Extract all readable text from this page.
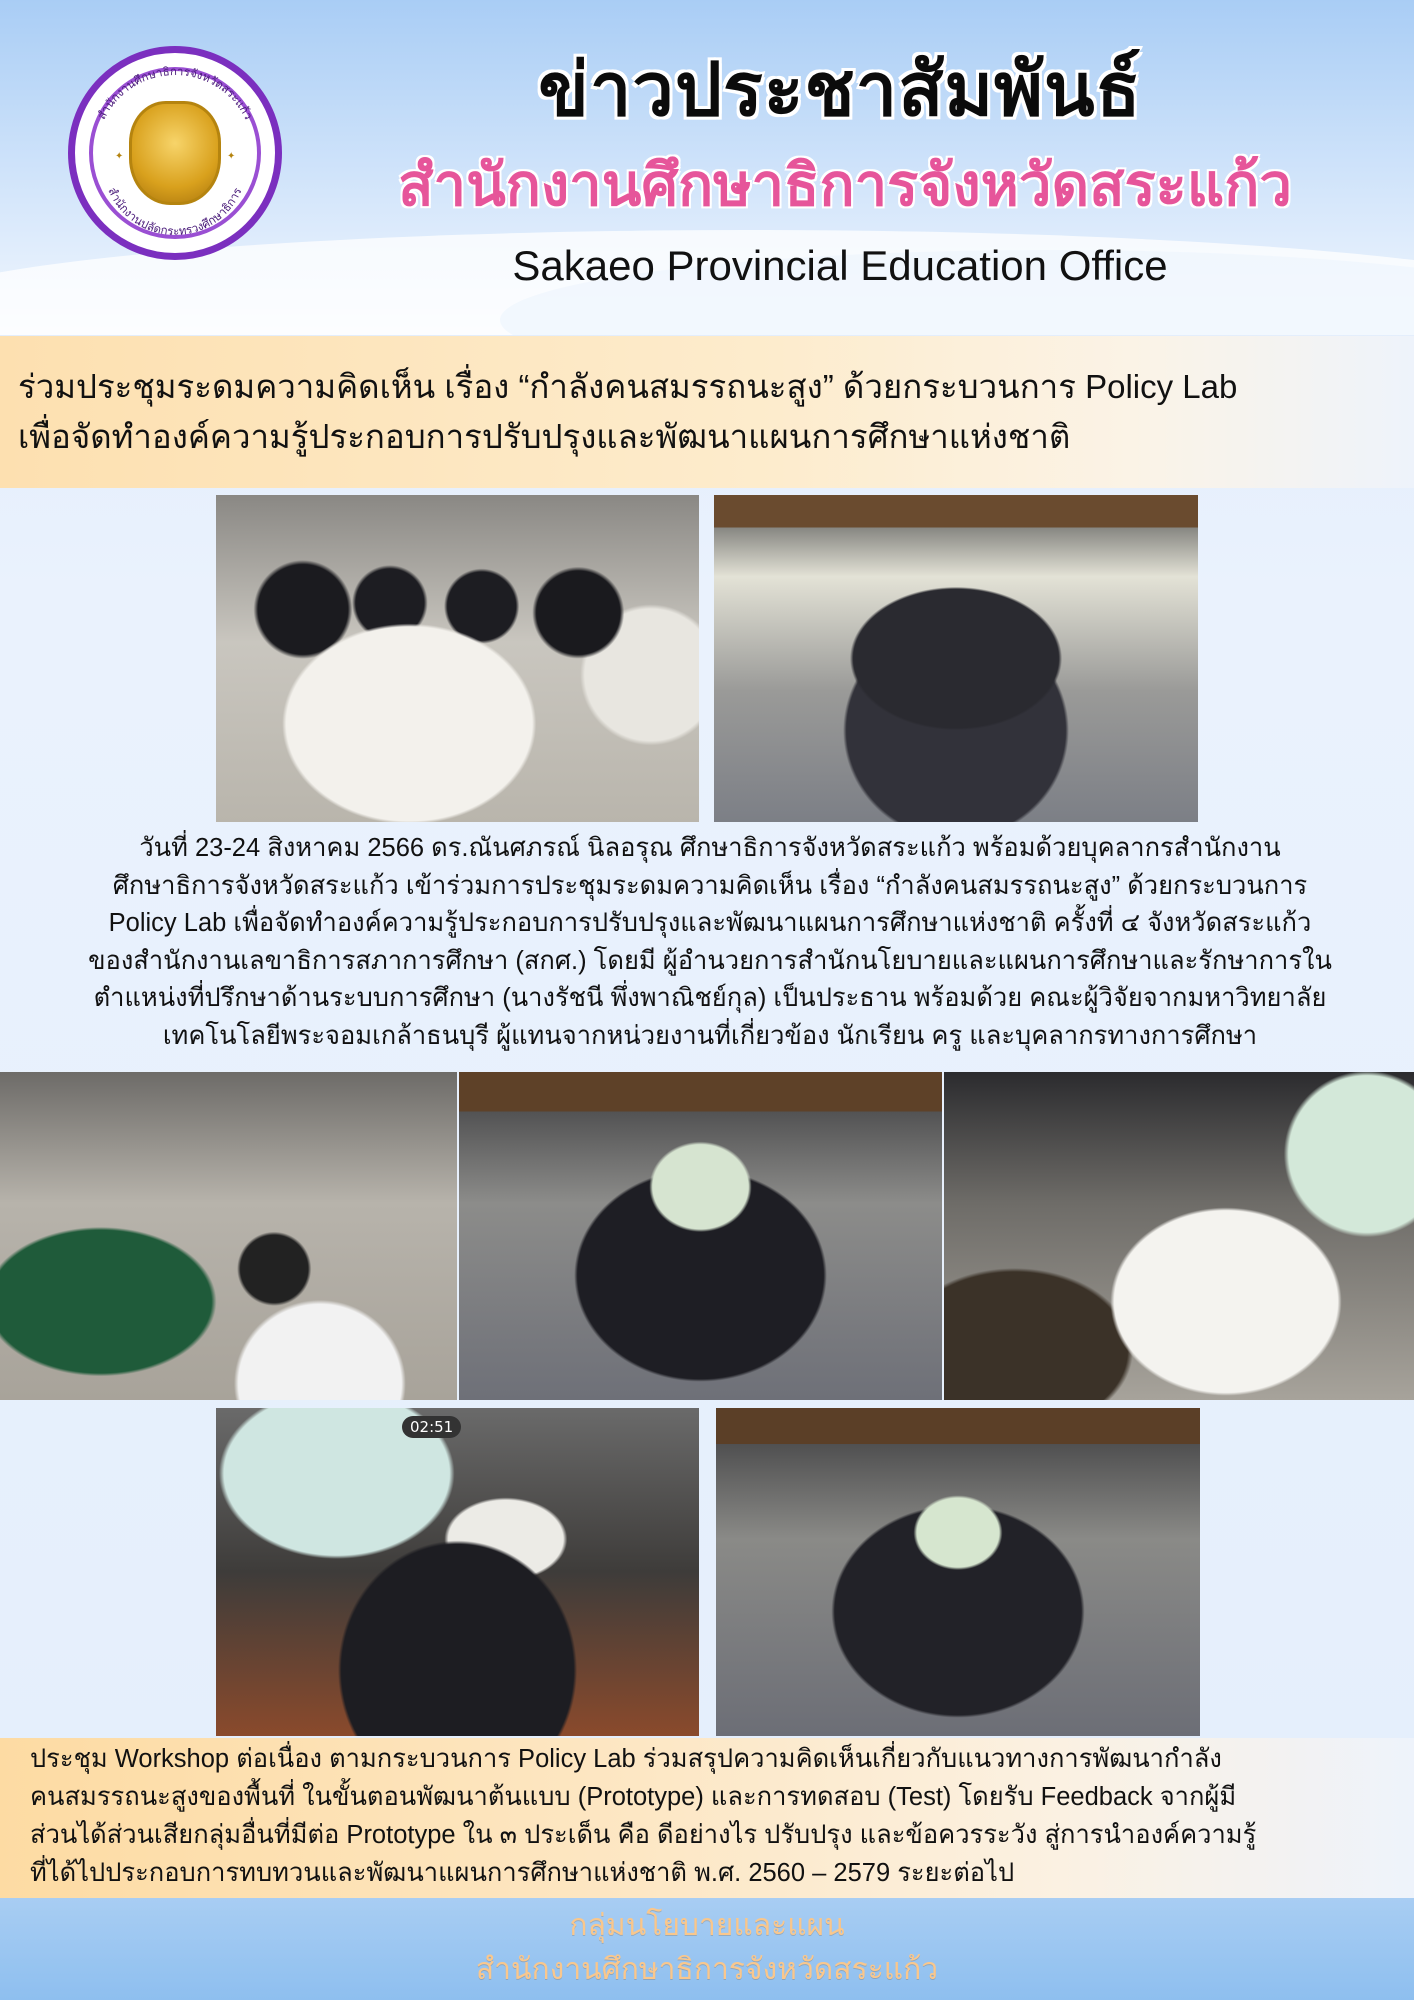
สำนักงานศึกษาธิการจังหวัดสระแก้ว
สำนักงานปลัดกระทรวงศึกษาธิการ
✦	✦
ข่าวประชาสัมพันธ์
สำนักงานศึกษาธิการจังหวัดสระแก้ว
Sakaeo Provincial Education Office

ร่วมประชุมระดมความคิดเห็น เรื่อง “กำลังคนสมรรถนะสูง” ด้วยกระบวนการ Policy Lab

เพื่อจัดทำองค์ความรู้ประกอบการปรับปรุงและพัฒนาแผนการศึกษาแห่งชาติ

วันที่ 23-24 สิงหาคม 2566 ดร.ณันศภรณ์ นิลอรุณ ศึกษาธิการจังหวัดสระแก้ว พร้อมด้วยบุคลากรสำนักงาน
ศึกษาธิการจังหวัดสระแก้ว เข้าร่วมการประชุมระดมความคิดเห็น เรื่อง “กำลังคนสมรรถนะสูง” ด้วยกระบวนการ
Policy Lab เพื่อจัดทำองค์ความรู้ประกอบการปรับปรุงและพัฒนาแผนการศึกษาแห่งชาติ ครั้งที่ ๔ จังหวัดสระแก้ว
ของสำนักงานเลขาธิการสภาการศึกษา (สกศ.) โดยมี ผู้อำนวยการสำนักนโยบายและแผนการศึกษาและรักษาการใน
ตำแหน่งที่ปรึกษาด้านระบบการศึกษา (นางรัชนี พึ่งพาณิชย์กุล) เป็นประธาน พร้อมด้วย คณะผู้วิจัยจากมหาวิทยาลัย
เทคโนโลยีพระจอมเกล้าธนบุรี ผู้แทนจากหน่วยงานที่เกี่ยวข้อง นักเรียน ครู และบุคลากรทางการศึกษา
02:51
ประชุม Workshop ต่อเนื่อง ตามกระบวนการ Policy Lab ร่วมสรุปความคิดเห็นเกี่ยวกับแนวทางการพัฒนากำลัง
คนสมรรถนะสูงของพื้นที่ ในขั้นตอนพัฒนาต้นแบบ (Prototype) และการทดสอบ (Test) โดยรับ Feedback จากผู้มี
ส่วนได้ส่วนเสียกลุ่มอื่นที่มีต่อ Prototype ใน ๓ ประเด็น คือ ดีอย่างไร ปรับปรุง และข้อควรระวัง สู่การนำองค์ความรู้
ที่ได้ไปประกอบการทบทวนและพัฒนาแผนการศึกษาแห่งชาติ พ.ศ. 2560 – 2579 ระยะต่อไป

กลุ่มนโยบายและแผน

สำนักงานศึกษาธิการจังหวัดสระแก้ว
